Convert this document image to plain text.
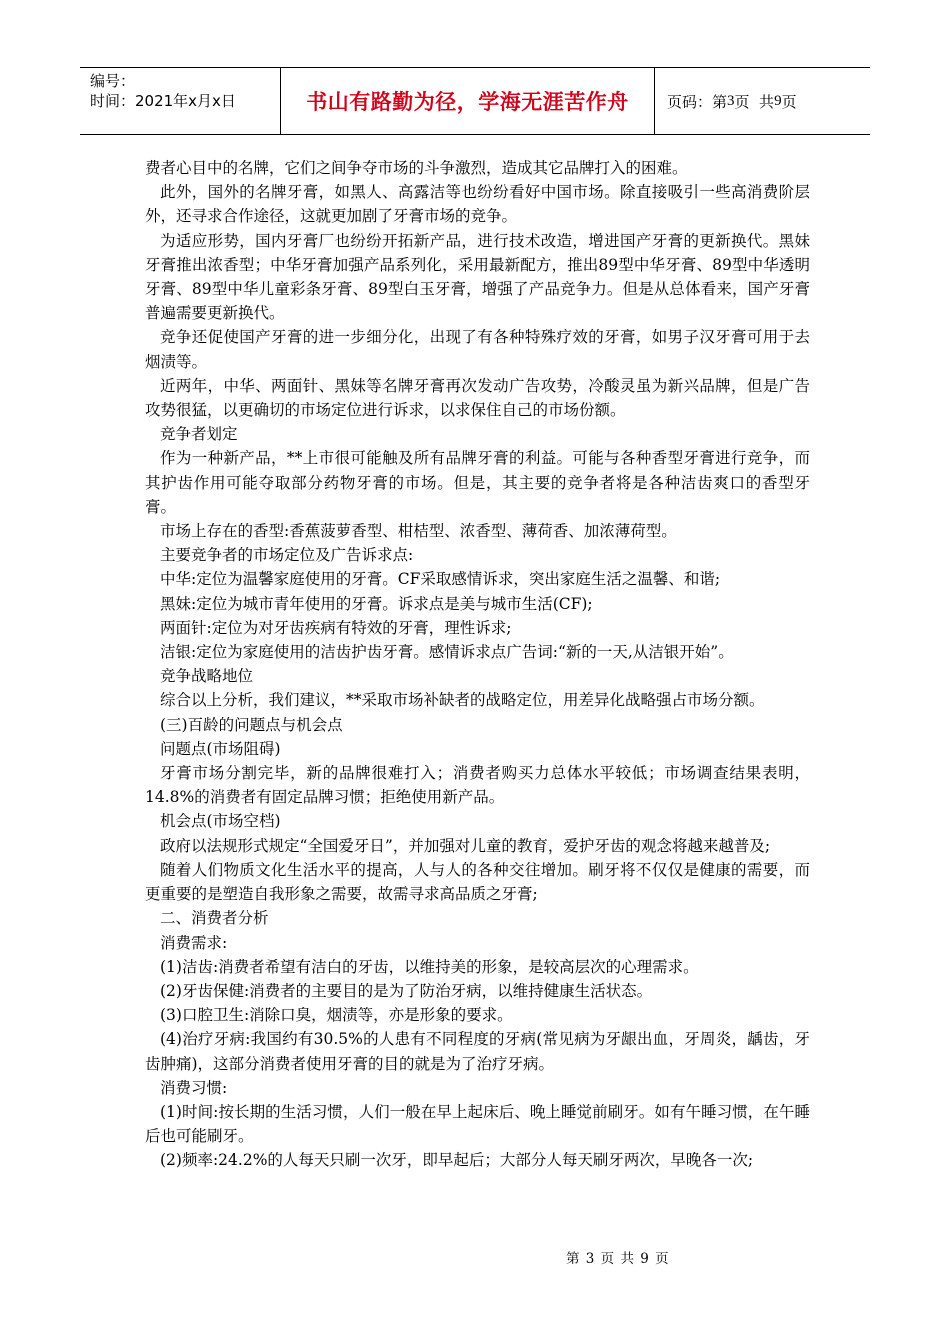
编号：
时间：2021年x月x日	书山有路勤为径，学海无涯苦作舟	页码：第 3 页  共 9 页

费者心目中的名牌，它们之间争夺市场的斗争激烈，造成其它品牌打入的困难。

此外，国外的名牌牙膏，如黑人、高露洁等也纷纷看好中国市场。除直接吸引一些高消费阶层外，还寻求合作途径，这就更加剧了牙膏市场的竞争。

为适应形势，国内牙膏厂也纷纷开拓新产品，进行技术改造，增进国产牙膏的更新换代。黑妹牙膏推出浓香型；中华牙膏加强产品系列化，采用最新配方，推出89型中华牙膏、89型中华透明牙膏、89型中华儿童彩条牙膏、89型白玉牙膏，增强了产品竞争力。但是从总体看来，国产牙膏普遍需要更新换代。

竞争还促使国产牙膏的进一步细分化，出现了有各种特殊疗效的牙膏，如男子汉牙膏可用于去烟渍等。

近两年，中华、两面针、黑妹等名牌牙膏再次发动广告攻势，冷酸灵虽为新兴品牌，但是广告攻势很猛，以更确切的市场定位进行诉求，以求保住自己的市场份额。

竞争者划定

作为一种新产品，**上市很可能触及所有品牌牙膏的利益。可能与各种香型牙膏进行竞争，而其护齿作用可能夺取部分药物牙膏的市场。但是，其主要的竞争者将是各种洁齿爽口的香型牙膏。

市场上存在的香型:香蕉菠萝香型、柑桔型、浓香型、薄荷香、加浓薄荷型。

主要竞争者的市场定位及广告诉求点:

中华:定位为温馨家庭使用的牙膏。CF采取感情诉求，突出家庭生活之温馨、和谐;

黑妹:定位为城市青年使用的牙膏。诉求点是美与城市生活(CF);

两面针:定位为对牙齿疾病有特效的牙膏，理性诉求;

洁银:定位为家庭使用的洁齿护齿牙膏。感情诉求点广告词:“新的一天,从洁银开始”。

竞争战略地位

综合以上分析，我们建议，**采取市场补缺者的战略定位，用差异化战略强占市场分额。

(三)百龄的问题点与机会点

问题点(市场阻碍)

牙膏市场分割完毕，新的品牌很难打入；消费者购买力总体水平较低；市场调查结果表明，14.8%的消费者有固定品牌习惯；拒绝使用新产品。

机会点(市场空档)

政府以法规形式规定“全国爱牙日”，并加强对儿童的教育，爱护牙齿的观念将越来越普及;

随着人们物质文化生活水平的提高，人与人的各种交往增加。刷牙将不仅仅是健康的需要，而更重要的是塑造自我形象之需要，故需寻求高品质之牙膏;

二、消费者分析

消费需求:

(1)洁齿:消费者希望有洁白的牙齿，以维持美的形象，是较高层次的心理需求。

(2)牙齿保健:消费者的主要目的是为了防治牙病，以维持健康生活状态。

(3)口腔卫生:消除口臭，烟渍等，亦是形象的要求。

(4)治疗牙病:我国约有30.5%的人患有不同程度的牙病(常见病为牙龈出血，牙周炎，龋齿，牙齿肿痛)，这部分消费者使用牙膏的目的就是为了治疗牙病。

消费习惯:

(1)时间:按长期的生活习惯，人们一般在早上起床后、晚上睡觉前刷牙。如有午睡习惯，在午睡后也可能刷牙。

(2)频率:24.2%的人每天只刷一次牙，即早起后；大部分人每天刷牙两次，早晚各一次;

第 3 页 共 9 页
